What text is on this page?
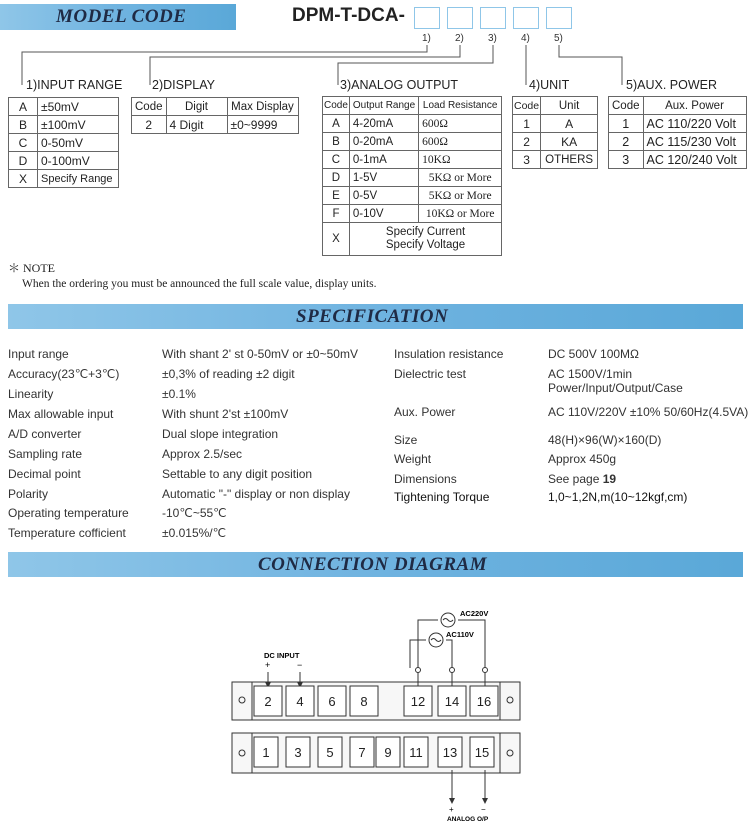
MODEL CODE	DPM-T-DCA-
1) 2) 3) 4) 5)
1)INPUT RANGE
A	±50mV
B	±100mV
C	0-50mV
D	0-100mV
X	Specify Range
2)DISPLAY
Code	Digit	Max Display
2	4 Digit	±0~9999
3)ANALOG OUTPUT
Code	Output Range	Load Resistance
A	4-20mA	600Ω
B	0-20mA	600Ω
C	0-1mA	10KΩ
D	1-5V	5KΩ or More
E	0-5V	5KΩ or More
F	0-10V	10KΩ or More
X	Specify Current
Specify Voltage	
4)UNIT
Code	Unit
1	A
2	KA
3	OTHERS
5)AUX. POWER
Code	Aux. Power
1	AC 110/220 Volt
2	AC 115/230 Volt
3	AC 120/240 Volt
＊ NOTE
When the ordering you must be announced the full scale value, display units.
SPECIFICATION
Input range	With shant 2' st 0-50mV or ±0~50mV
Accuracy(23℃+3℃)	±0,3% of reading ±2 digit
Linearity	±0.1%
Max allowable input	With shunt 2'st ±100mV
A/D converter	Dual slope integration
Sampling rate	Approx 2.5/sec
Decimal point	Settable to any digit position
Polarity	Automatic "-" display or non display
Operating temperature	-10℃~55℃
Temperature cofficient	±0.015%/℃
Insulation resistance	DC 500V 100MΩ
Dielectric test	AC 1500V/1min
Power/Input/Output/Case
Aux. Power	AC 110V/220V ±10% 50/60Hz(4.5VA)
Size	48(H)×96(W)×160(D)
Weight	Approx 450g
Dimensions	See page 19
Tightening Torque	1,0~1,2N,m(10~12kgf,cm)
CONNECTION DIAGRAM
2 4 6 8	12 14 16
1 3 5 7 9 11 13 15
DC INPUT
+	−
AC220V
AC110V
+	−
ANALOG O/P
